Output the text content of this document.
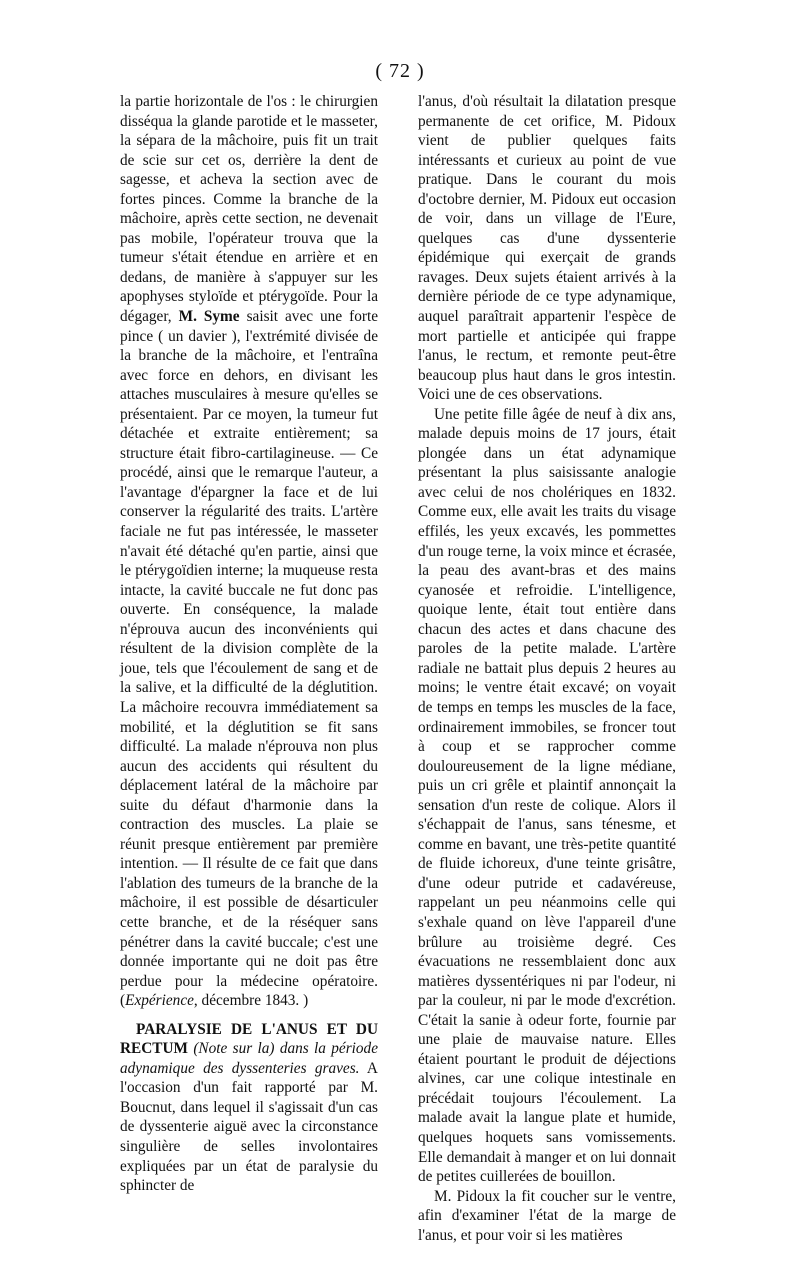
( 72 )

la partie horizontale de l'os : le chirurgien disséqua la glande parotide et le masseter, la sépara de la mâchoire, puis fit un trait de scie sur cet os, derrière la dent de sagesse, et acheva la section avec de fortes pinces. Comme la branche de la mâchoire, après cette section, ne devenait pas mobile, l'opérateur trouva que la tumeur s'était étendue en arrière et en dedans, de manière à s'appuyer sur les apophyses styloïde et ptérygoïde. Pour la dégager, M. Syme saisit avec une forte pince ( un davier ), l'extrémité divisée de la branche de la mâchoire, et l'entraîna avec force en dehors, en divisant les attaches musculaires à mesure qu'elles se présentaient. Par ce moyen, la tumeur fut détachée et extraite entièrement; sa structure était fibro-cartilagineuse. — Ce procédé, ainsi que le remarque l'auteur, a l'avantage d'épargner la face et de lui conserver la régularité des traits. L'artère faciale ne fut pas intéressée, le masseter n'avait été détaché qu'en partie, ainsi que le ptérygoïdien interne; la muqueuse resta intacte, la cavité buccale ne fut donc pas ouverte. En conséquence, la malade n'éprouva aucun des inconvénients qui résultent de la division complète de la joue, tels que l'écoulement de sang et de la salive, et la difficulté de la déglutition. La mâchoire recouvra immédiatement sa mobilité, et la déglutition se fit sans difficulté. La malade n'éprouva non plus aucun des accidents qui résultent du déplacement latéral de la mâchoire par suite du défaut d'harmonie dans la contraction des muscles. La plaie se réunit presque entièrement par première intention. — Il résulte de ce fait que dans l'ablation des tumeurs de la branche de la mâchoire, il est possible de désarticuler cette branche, et de la réséquer sans pénétrer dans la cavité buccale; c'est une donnée importante qui ne doit pas être perdue pour la médecine opératoire. (Expérience, décembre 1843. )

PARALYSIE DE L'ANUS ET DU RECTUM (Note sur la) dans la période adynamique des dyssenteries graves. A l'occasion d'un fait rapporté par M. Boucnut, dans lequel il s'agissait d'un cas de dyssenterie aiguë avec la circonstance singulière de selles involontaires expliquées par un état de paralysie du sphincter de

l'anus, d'où résultait la dilatation presque permanente de cet orifice, M. Pidoux vient de publier quelques faits intéressants et curieux au point de vue pratique. Dans le courant du mois d'octobre dernier, M. Pidoux eut occasion de voir, dans un village de l'Eure, quelques cas d'une dyssenterie épidémique qui exerçait de grands ravages. Deux sujets étaient arrivés à la dernière période de ce type adynamique, auquel paraîtrait appartenir l'espèce de mort partielle et anticipée qui frappe l'anus, le rectum, et remonte peut-être beaucoup plus haut dans le gros intestin. Voici une de ces observations.

Une petite fille âgée de neuf à dix ans, malade depuis moins de 17 jours, était plongée dans un état adynamique présentant la plus saisissante analogie avec celui de nos cholériques en 1832. Comme eux, elle avait les traits du visage effilés, les yeux excavés, les pommettes d'un rouge terne, la voix mince et écrasée, la peau des avant-bras et des mains cyanosée et refroidie. L'intelligence, quoique lente, était tout entière dans chacun des actes et dans chacune des paroles de la petite malade. L'artère radiale ne battait plus depuis 2 heures au moins; le ventre était excavé; on voyait de temps en temps les muscles de la face, ordinairement immobiles, se froncer tout à coup et se rapprocher comme douloureusement de la ligne médiane, puis un cri grêle et plaintif annonçait la sensation d'un reste de colique. Alors il s'échappait de l'anus, sans ténesme, et comme en bavant, une très-petite quantité de fluide ichoreux, d'une teinte grisâtre, d'une odeur putride et cadavéreuse, rappelant un peu néanmoins celle qui s'exhale quand on lève l'appareil d'une brûlure au troisième degré. Ces évacuations ne ressemblaient donc aux matières dyssentériques ni par l'odeur, ni par la couleur, ni par le mode d'excrétion. C'était la sanie à odeur forte, fournie par une plaie de mauvaise nature. Elles étaient pourtant le produit de déjections alvines, car une colique intestinale en précédait toujours l'écoulement. La malade avait la langue plate et humide, quelques hoquets sans vomissements. Elle demandait à manger et on lui donnait de petites cuillerées de bouillon.

M. Pidoux la fit coucher sur le ventre, afin d'examiner l'état de la marge de l'anus, et pour voir si les matières
